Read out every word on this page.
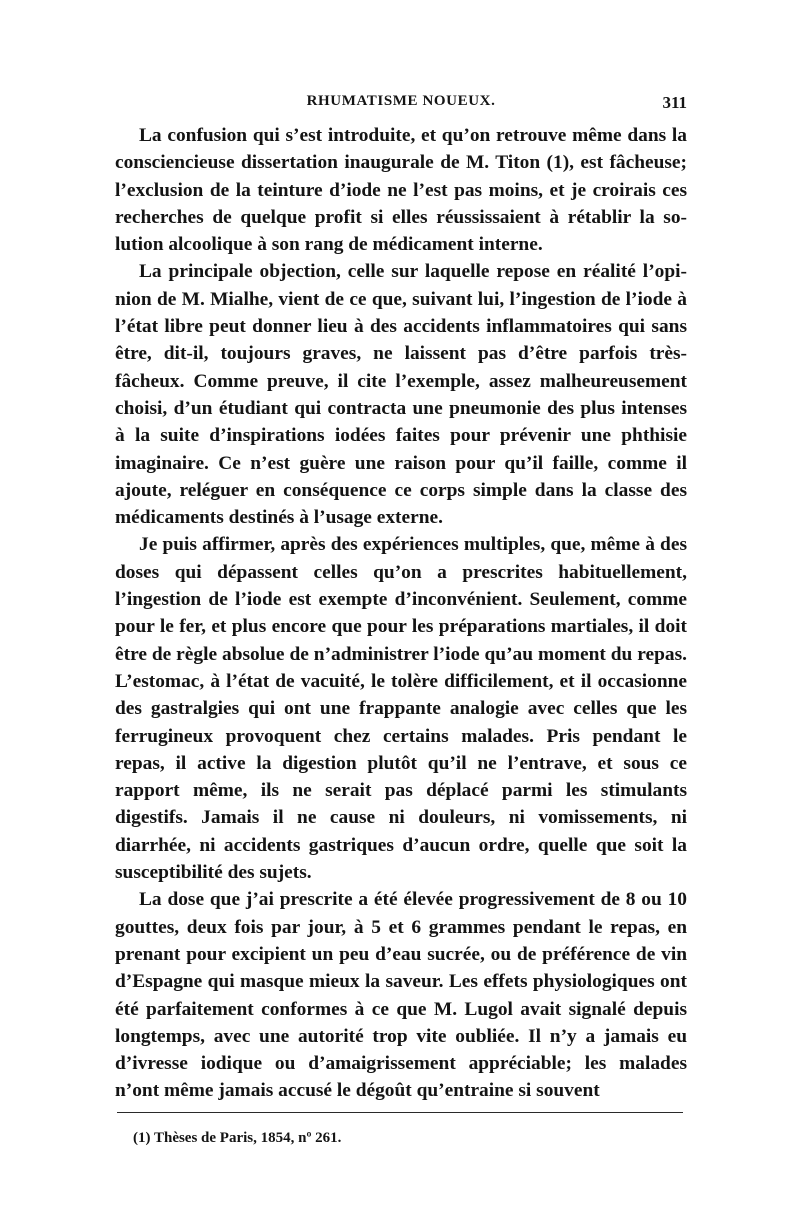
RHUMATISME NOUEUX.	311

La confusion qui s’est introduite, et qu’on retrouve même dans la consciencieuse dissertation inaugurale de M. Titon (1), est fâcheuse; l’exclusion de la teinture d’iode ne l’est pas moins, et je croirais ces recherches de quelque profit si elles réussissaient à rétablir la solution alcoolique à son rang de médicament interne.

La principale objection, celle sur laquelle repose en réalité l’opinion de M. Mialhe, vient de ce que, suivant lui, l’ingestion de l’iode à l’état libre peut donner lieu à des accidents inflammatoires qui sans être, dit-il, toujours graves, ne laissent pas d’être parfois très-fâcheux. Comme preuve, il cite l’exemple, assez malheureusement choisi, d’un étudiant qui contracta une pneumonie des plus intenses à la suite d’inspirations iodées faites pour prévenir une phthisie imaginaire. Ce n’est guère une raison pour qu’il faille, comme il ajoute, reléguer en conséquence ce corps simple dans la classe des médicaments destinés à l’usage externe.

Je puis affirmer, après des expériences multiples, que, même à des doses qui dépassent celles qu’on a prescrites habituellement, l’ingestion de l’iode est exempte d’inconvénient. Seulement, comme pour le fer, et plus encore que pour les préparations martiales, il doit être de règle absolue de n’administrer l’iode qu’au moment du repas. L’estomac, à l’état de vacuité, le tolère difficilement, et il occasionne des gastralgies qui ont une frappante analogie avec celles que les ferrugineux provoquent chez certains malades. Pris pendant le repas, il active la digestion plutôt qu’il ne l’entrave, et sous ce rapport même, ils ne serait pas déplacé parmi les stimulants digestifs. Jamais il ne cause ni douleurs, ni vomissements, ni diarrhée, ni accidents gastriques d’aucun ordre, quelle que soit la susceptibilité des sujets.

La dose que j’ai prescrite a été élevée progressivement de 8 ou 10 gouttes, deux fois par jour, à 5 et 6 grammes pendant le repas, en prenant pour excipient un peu d’eau sucrée, ou de préférence de vin d’Espagne qui masque mieux la saveur. Les effets physiologiques ont été parfaitement conformes à ce que M. Lugol avait signalé depuis longtemps, avec une autorité trop vite oubliée. Il n’y a jamais eu d’ivresse iodique ou d’amaigrissement appréciable; les malades n’ont même jamais accusé le dégoût qu’entraine si souvent

(1) Thèses de Paris, 1854, nº 261.
